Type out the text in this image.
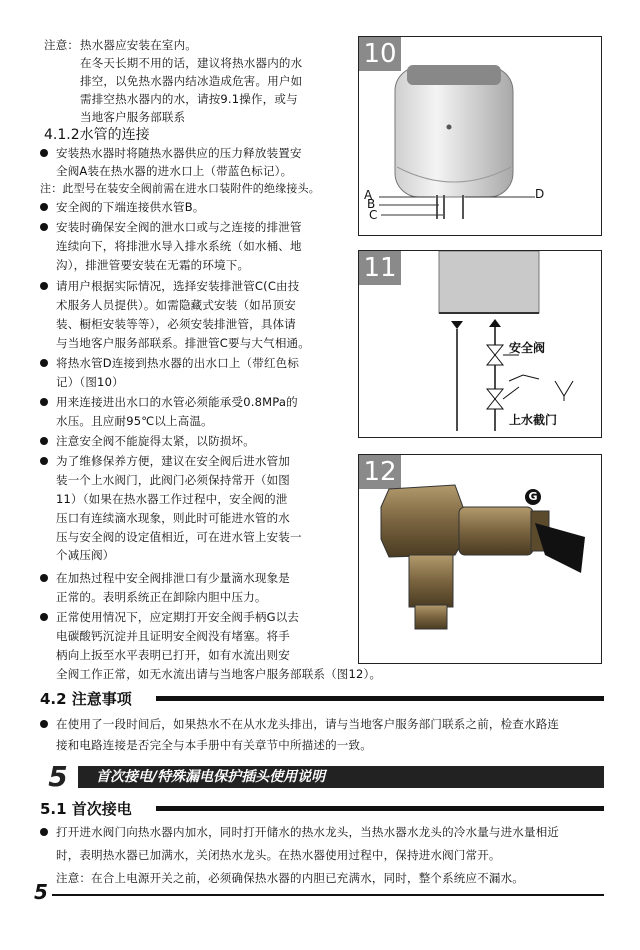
注意： 热水器应安装在室内。
在冬天长期不用的话，建议将热水器内的水
排空，以免热水器内结冰造成危害。用户如
需排空热水器内的水，请按9.1操作，或与
当地客户服务部联系
4.1.2水管的连接
安装热水器时将随热水器供应的压力释放装置安
全阀A装在热水器的进水口上（带蓝色标记）。
注：此型号在装安全阀前需在进水口装附件的绝缘接头。
安全阀的下端连接供水管B。
安装时确保安全阀的泄水口或与之连接的排泄管
连续向下，将排泄水导入排水系统（如水桶、地
沟），排泄管要安装在无霜的环境下。
请用户根据实际情况，选择安装排泄管C(C由技
术服务人员提供）。如需隐藏式安装（如吊顶安
装、橱柜安装等等），必须安装排泄管，具体请
与当地客户服务部联系。排泄管C要与大气相通。
将热水管D连接到热水器的出水口上（带红色标
记）（图10）
用来连接进出水口的水管必须能承受0.8MPa的
水压。且应耐95℃以上高温。
注意安全阀不能旋得太紧，以防损坏。
为了维修保养方便，建议在安全阀后进水管加
装一个上水阀门，此阀门必须保持常开（如图
11）（如果在热水器工作过程中，安全阀的泄
压口有连续滴水现象，则此时可能进水管的水
压与安全阀的设定值相近，可在进水管上安装一个减压阀）
在加热过程中安全阀排泄口有少量滴水现象是
正常的。表明系统正在卸除内胆中压力。
正常使用情况下，应定期打开安全阀手柄G以去
电碳酸钙沉淀并且证明安全阀没有堵塞。将手
柄向上扳至水平表明已打开，如有水流出则安
全阀工作正常，如无水流出请与当地客户服务部联系（图12）。
10
A
B
C
D
11
安全阀
上水截门
12
G
4.2 注意事项
在使用了一段时间后，如果热水不在从水龙头排出，请与当地客户服务部门联系之前，检查水路连
接和电路连接是否完全与本手册中有关章节中所描述的一致。
5	首次接电/特殊漏电保护插头使用说明
5.1 首次接电
打开进水阀门向热水器内加水，同时打开储水的热水龙头，当热水器水龙头的冷水量与进水量相近
时，表明热水器已加满水，关闭热水龙头。在热水器使用过程中，保持进水阀门常开。
注意：在合上电源开关之前，必须确保热水器的内胆已充满水，同时，整个系统应不漏水。
5
